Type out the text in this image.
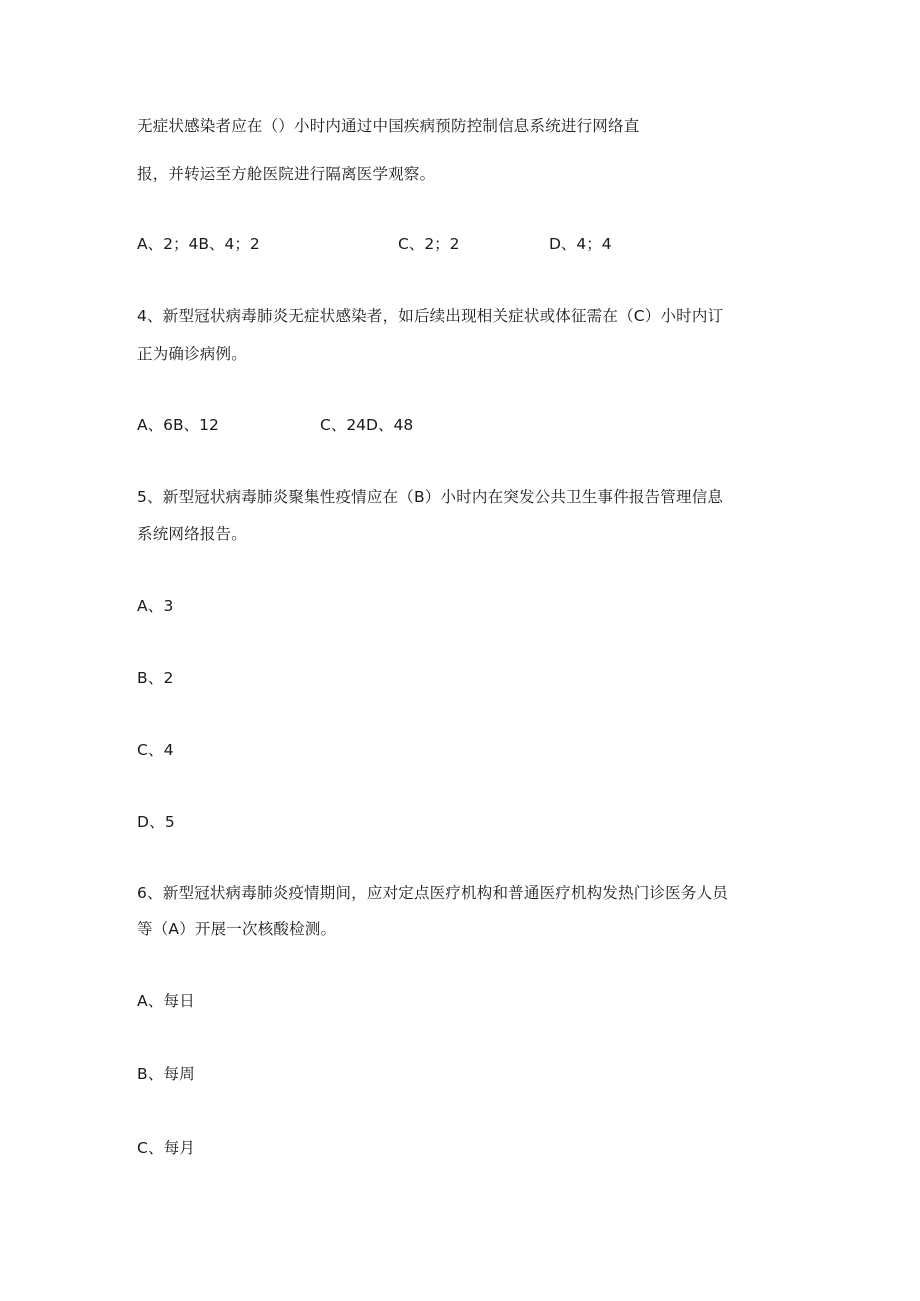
无症状感染者应在（）小时内通过中国疾病预防控制信息系统进行网络直
报，并转运至方舱医院进行隔离医学观察。
A、2；4B、4；2	C、2；2	D、4；4
4、新型冠状病毒肺炎无症状感染者，如后续出现相关症状或体征需在（C）小时内订
正为确诊病例。
A、6B、12	C、24D、48
5、新型冠状病毒肺炎聚集性疫情应在（B）小时内在突发公共卫生事件报告管理信息
系统网络报告。
A、3
B、2
C、4
D、5
6、新型冠状病毒肺炎疫情期间，应对定点医疗机构和普通医疗机构发热门诊医务人员
等（A）开展一次核酸检测。
A、每日
B、每周
C、每月
